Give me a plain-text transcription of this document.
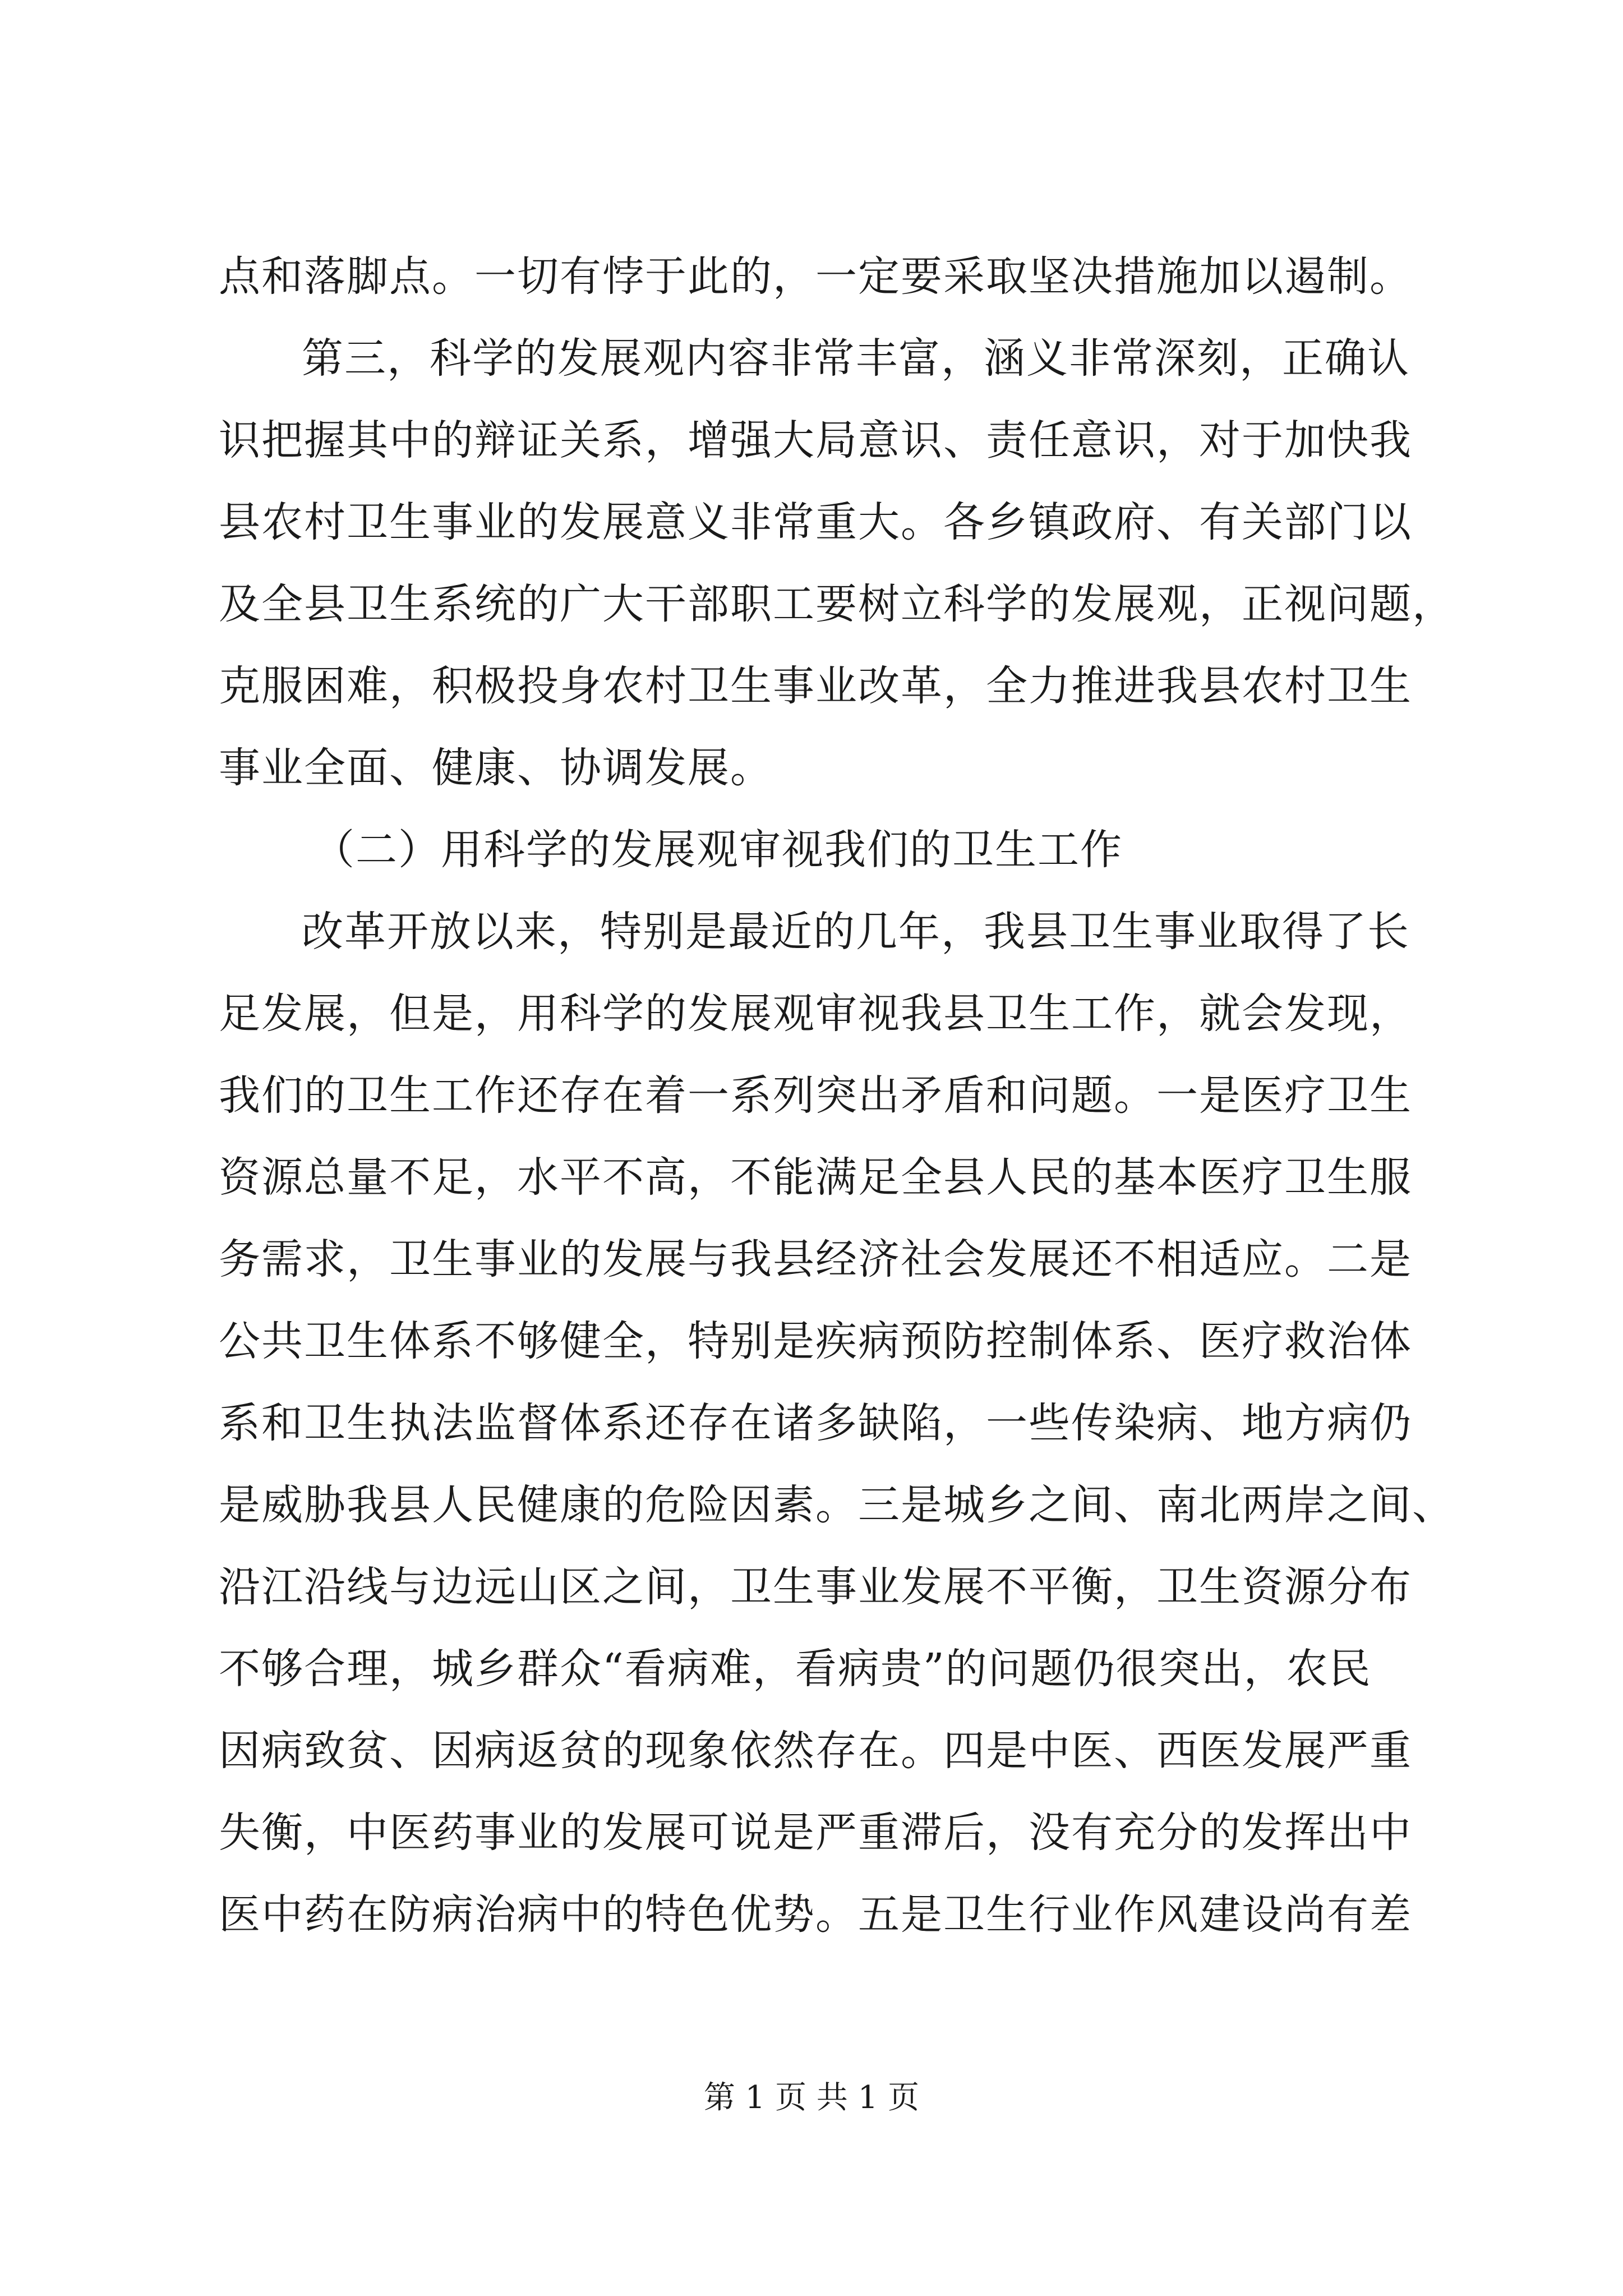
点和落脚点。一切有悖于此的，一定要采取坚决措施加以遏制。
第三，科学的发展观内容非常丰富，涵义非常深刻，正确认
识把握其中的辩证关系，增强大局意识、责任意识，对于加快我
县农村卫生事业的发展意义非常重大。各乡镇政府、有关部门以
及全县卫生系统的广大干部职工要树立科学的发展观，正视问题，
克服困难，积极投身农村卫生事业改革，全力推进我县农村卫生
事业全面、健康、协调发展。
（二）用科学的发展观审视我们的卫生工作
改革开放以来，特别是最近的几年，我县卫生事业取得了长
足发展，但是，用科学的发展观审视我县卫生工作，就会发现，
我们的卫生工作还存在着一系列突出矛盾和问题。一是医疗卫生
资源总量不足，水平不高，不能满足全县人民的基本医疗卫生服
务需求，卫生事业的发展与我县经济社会发展还不相适应。二是
公共卫生体系不够健全，特别是疾病预防控制体系、医疗救治体
系和卫生执法监督体系还存在诸多缺陷，一些传染病、地方病仍
是威胁我县人民健康的危险因素。三是城乡之间、南北两岸之间、
沿江沿线与边远山区之间，卫生事业发展不平衡，卫生资源分布
不够合理，城乡群众“看病难，看病贵”的问题仍很突出，农民
因病致贫、因病返贫的现象依然存在。四是中医、西医发展严重
失衡，中医药事业的发展可说是严重滞后，没有充分的发挥出中
医中药在防病治病中的特色优势。五是卫生行业作风建设尚有差
第 1 页 共 1 页
